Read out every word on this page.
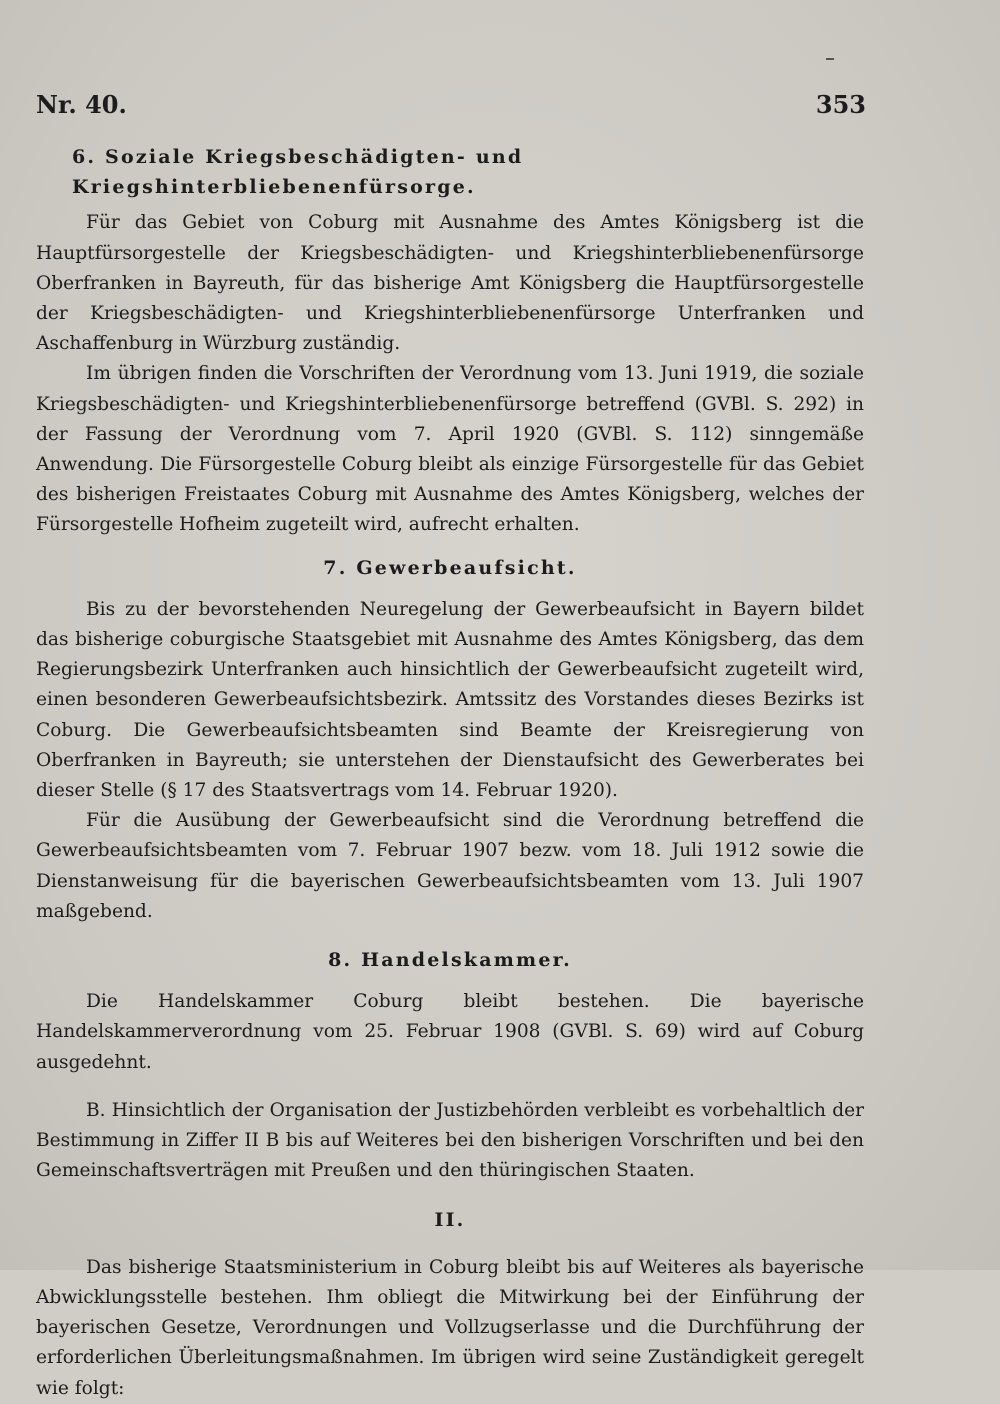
Nr. 40.	353

6. Soziale Kriegsbeschädigten- und Kriegshinterbliebenenfürsorge.

Für das Gebiet von Coburg mit Ausnahme des Amtes Königsberg ist die Hauptfürsorgestelle der Kriegsbeschädigten- und Kriegshinterbliebenenfürsorge Oberfranken in Bayreuth, für das bisherige Amt Königsberg die Hauptfürsorgestelle der Kriegsbeschädigten- und Kriegshinterbliebenenfürsorge Unterfranken und Aschaffenburg in Würzburg zuständig.

Im übrigen finden die Vorschriften der Verordnung vom 13. Juni 1919, die soziale Kriegsbeschädigten- und Kriegshinterbliebenenfürsorge betreffend (GVBl. S. 292) in der Fassung der Verordnung vom 7. April 1920 (GVBl. S. 112) sinngemäße Anwendung. Die Fürsorgestelle Coburg bleibt als einzige Fürsorgestelle für das Gebiet des bisherigen Freistaates Coburg mit Ausnahme des Amtes Königsberg, welches der Fürsorgestelle Hofheim zugeteilt wird, aufrecht erhalten.

7. Gewerbeaufsicht.

Bis zu der bevorstehenden Neuregelung der Gewerbeaufsicht in Bayern bildet das bisherige coburgische Staatsgebiet mit Ausnahme des Amtes Königsberg, das dem Regierungsbezirk Unterfranken auch hinsichtlich der Gewerbeaufsicht zugeteilt wird, einen besonderen Gewerbeaufsichtsbezirk. Amtssitz des Vorstandes dieses Bezirks ist Coburg. Die Gewerbeaufsichtsbeamten sind Beamte der Kreisregierung von Oberfranken in Bayreuth; sie unterstehen der Dienstaufsicht des Gewerberates bei dieser Stelle (§ 17 des Staatsvertrags vom 14. Februar 1920).

Für die Ausübung der Gewerbeaufsicht sind die Verordnung betreffend die Gewerbeaufsichtsbeamten vom 7. Februar 1907 bezw. vom 18. Juli 1912 sowie die Dienstanweisung für die bayerischen Gewerbeaufsichtsbeamten vom 13. Juli 1907 maßgebend.

8. Handelskammer.

Die Handelskammer Coburg bleibt bestehen. Die bayerische Handelskammerverordnung vom 25. Februar 1908 (GVBl. S. 69) wird auf Coburg ausgedehnt.

B. Hinsichtlich der Organisation der Justizbehörden verbleibt es vorbehaltlich der Bestimmung in Ziffer II B bis auf Weiteres bei den bisherigen Vorschriften und bei den Gemeinschaftsverträgen mit Preußen und den thüringischen Staaten.

II.

Das bisherige Staatsministerium in Coburg bleibt bis auf Weiteres als bayerische Abwicklungsstelle bestehen. Ihm obliegt die Mitwirkung bei der Einführung der bayerischen Gesetze, Verordnungen und Vollzugserlasse und die Durchführung der erforderlichen Überleitungsmaßnahmen. Im übrigen wird seine Zuständigkeit geregelt wie folgt:
